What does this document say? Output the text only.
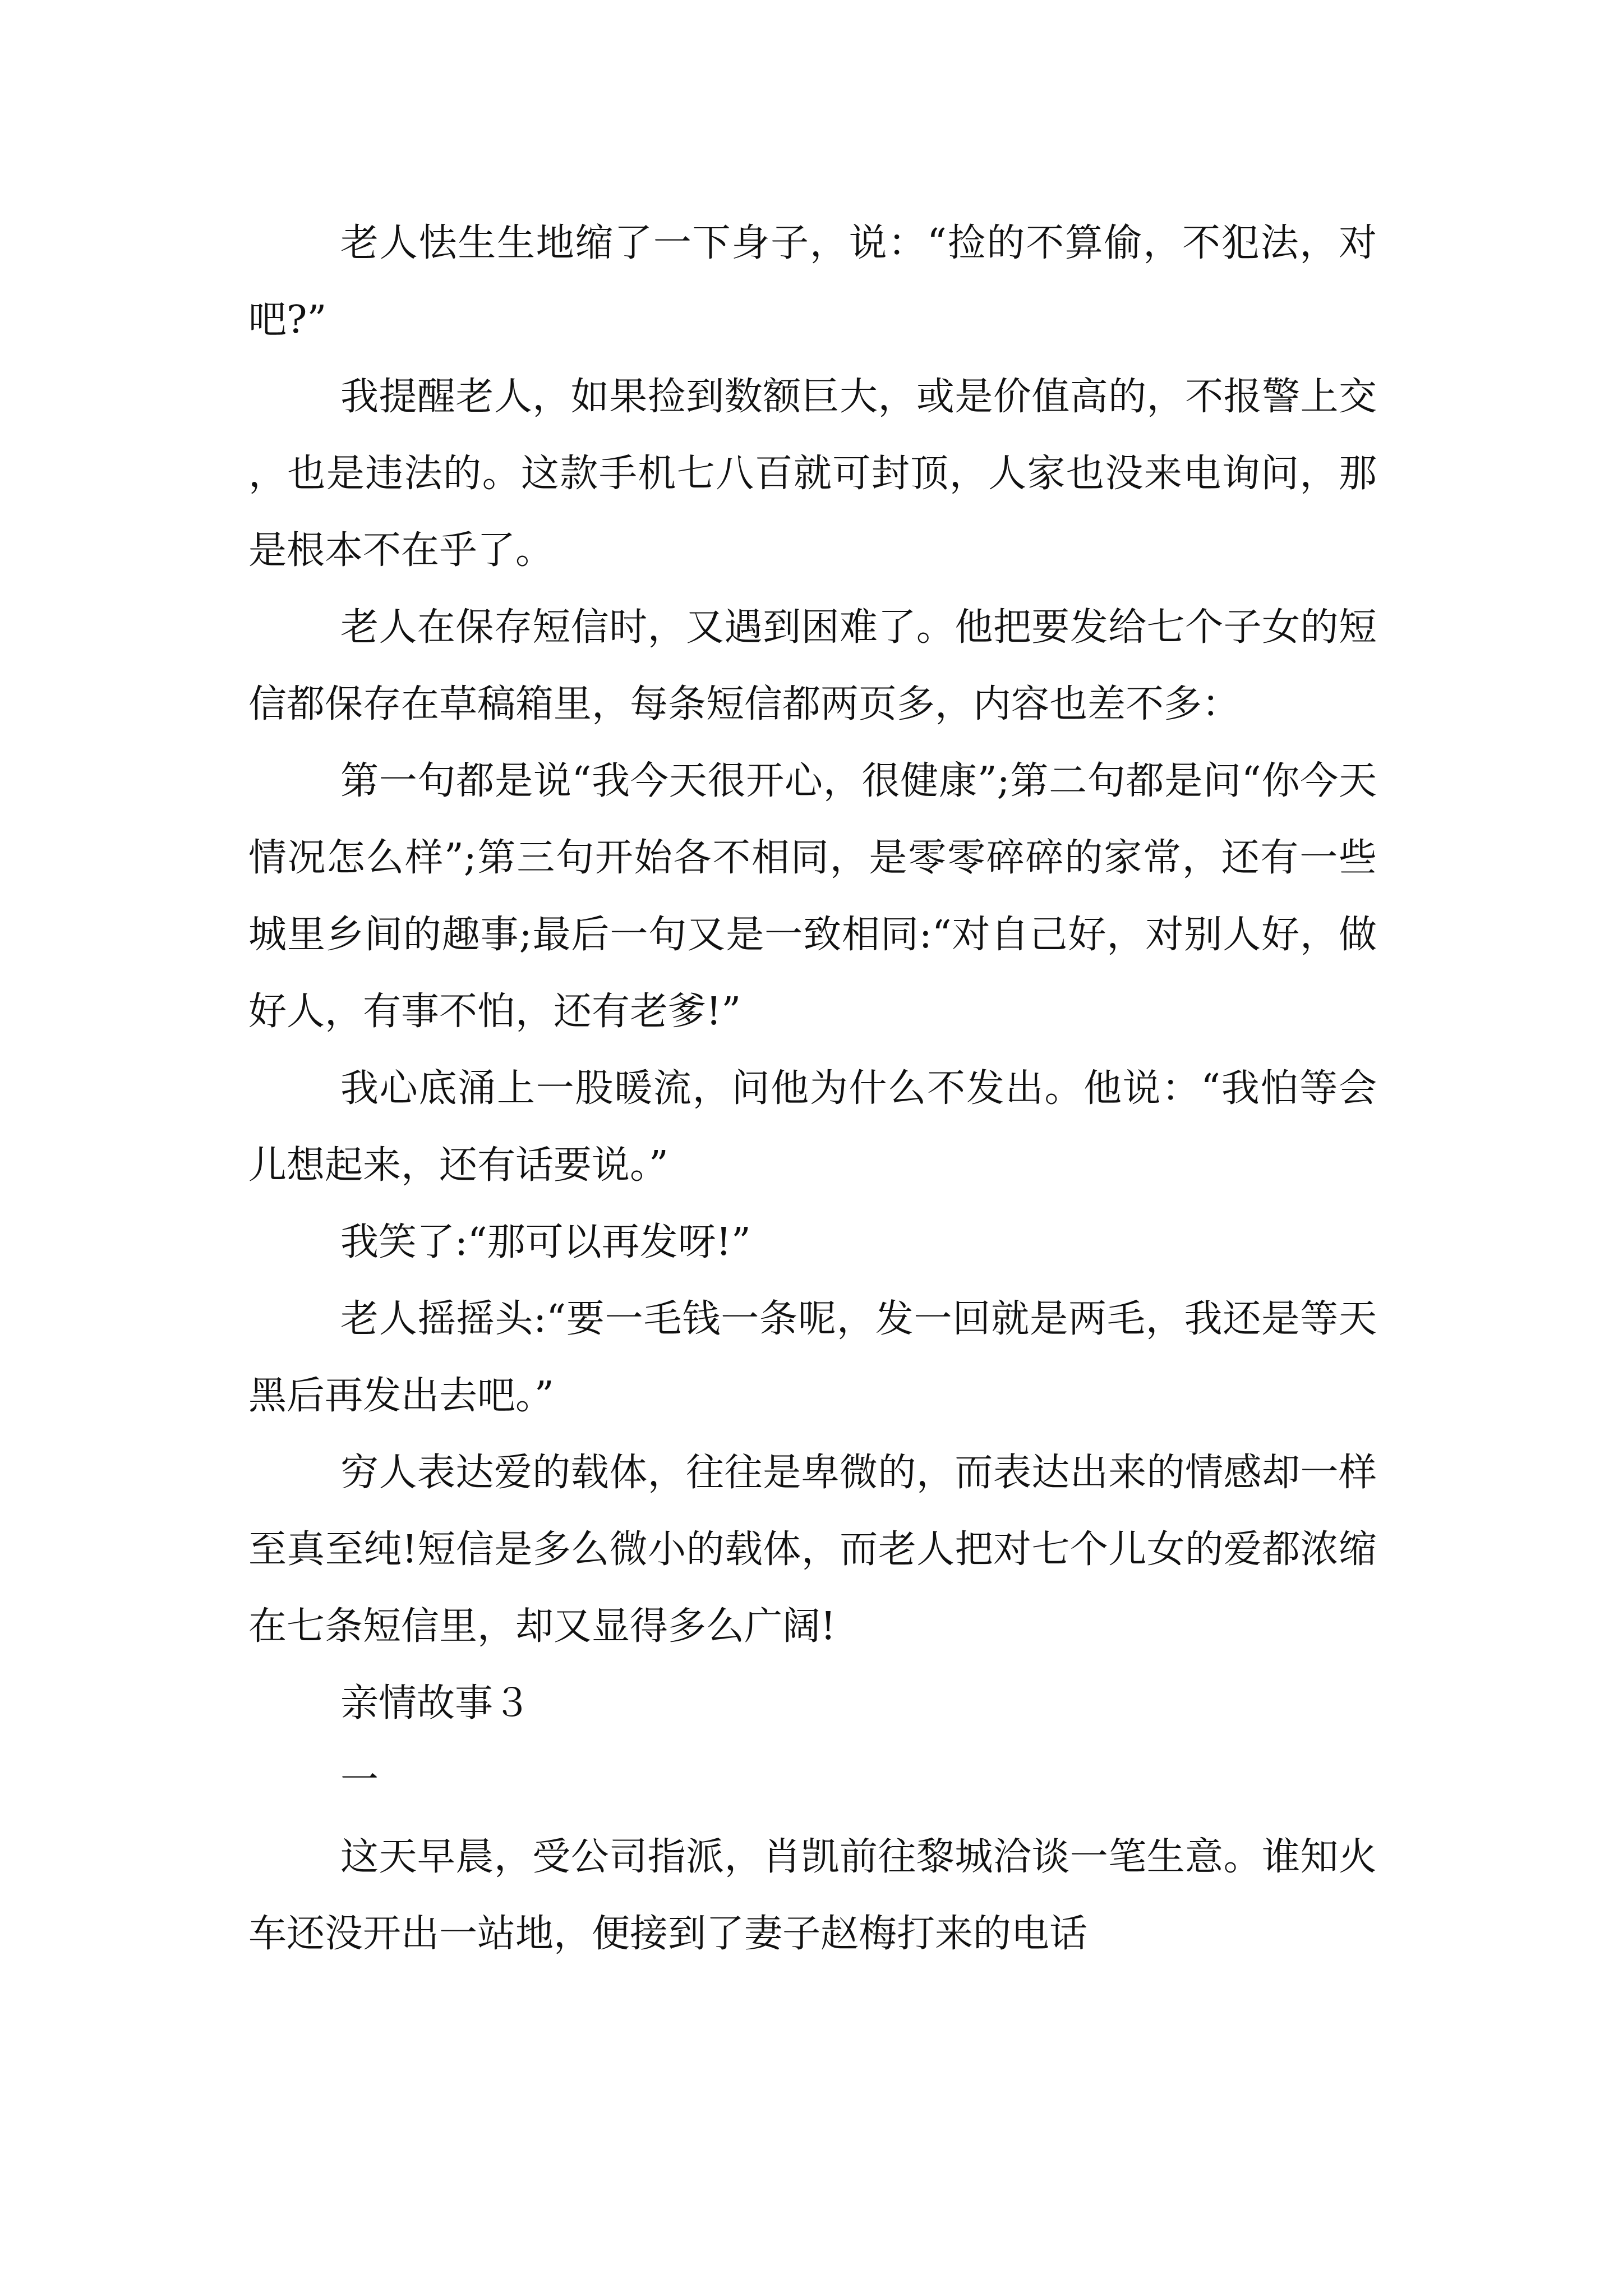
老人怯生生地缩了一下身子，说：“捡的不算偷，不犯法，对吧?”

我提醒老人，如果捡到数额巨大，或是价值高的，不报警上交，也是违法的。这款手机七八百就可封顶，人家也没来电询问，那是根本不在乎了。

老人在保存短信时，又遇到困难了。他把要发给七个子女的短信都保存在草稿箱里，每条短信都两页多，内容也差不多：

第一句都是说“我今天很开心，很健康”;第二句都是问“你今天情况怎么样”;第三句开始各不相同，是零零碎碎的家常，还有一些城里乡间的趣事;最后一句又是一致相同:“对自己好，对别人好，做好人，有事不怕，还有老爹!”

我心底涌上一股暖流，问他为什么不发出。他说：“我怕等会儿想起来，还有话要说。”

我笑了:“那可以再发呀!”

老人摇摇头:“要一毛钱一条呢，发一回就是两毛，我还是等天黑后再发出去吧。”

穷人表达爱的载体，往往是卑微的，而表达出来的情感却一样至真至纯!短信是多么微小的载体，而老人把对七个儿女的爱都浓缩在七条短信里，却又显得多么广阔!

亲情故事３

一

这天早晨，受公司指派，肖凯前往黎城洽谈一笔生意。谁知火车还没开出一站地，便接到了妻子赵梅打来的电话
